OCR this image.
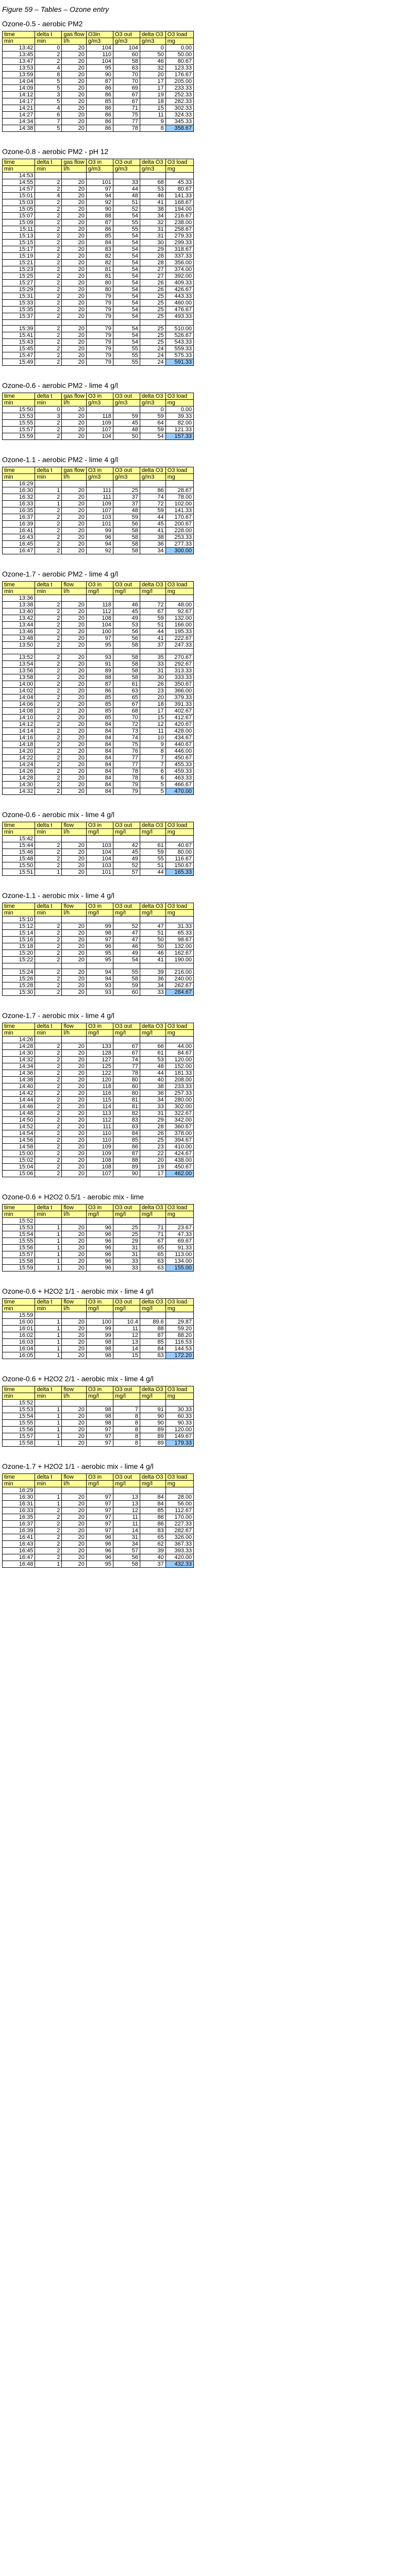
Figure 59 – Tables – Ozone entry
Ozone-0.5 - aerobic PM2
time	delta t	gas flow	O3in	O3 out	delta O3	O3 load
min	min	l/h	g/m3	g/m3	g/m3	mg
13:42	0	20	104	104	0	0.00
13:45	2	20	110	60	50	50.00
13:47	2	20	104	58	46	80.67
13:53	4	20	95	63	32	123.33
13:59	8	20	90	70	20	176.67
14:04	5	20	87	70	17	205.00
14:09	5	20	86	69	17	233.33
14:12	3	20	86	67	19	252.33
14:17	5	20	85	67	18	282.33
14:21	4	20	86	71	15	302.33
14:27	6	20	86	75	11	324.33
14:34	7	20	86	77	9	345.33
14:38	5	20	86	78	8	358.67
Ozone-0.8 - aerobic PM2 - pH 12
time	delta t	gas flow	O3 in	O3 out	delta O3	O3 load
min	min	l/h	g/m3	g/m3	g/m3	mg
14:53						
14:55	2	20	101	33	68	45.33
14:57	2	20	97	44	53	80.67
15:01	4	20	94	48	46	141.33
15:03	2	20	92	51	41	168.67
15:05	2	20	90	52	38	194.00
15:07	2	20	88	54	34	216.67
15:09	2	20	87	55	32	238.00
15:11	2	20	86	55	31	258.67
15:13	2	20	85	54	31	279.33
15:15	2	20	84	54	30	299.33
15:17	2	20	83	54	29	318.67
15:19	2	20	82	54	28	337.33
15:21	2	20	82	54	28	356.00
15:23	2	20	81	54	27	374.00
15:25	2	20	81	54	27	392.00
15:27	2	20	80	54	26	409.33
15:29	2	20	80	54	26	426.67
15:31	2	20	79	54	25	443.33
15:33	2	20	79	54	25	460.00
15:35	2	20	79	54	25	476.67
15:37	2	20	79	54	25	493.33

15:39	2	20	79	54	25	510.00
15:41	2	20	79	54	25	526.67
15:43	2	20	79	54	25	543.33
15:45	2	20	79	55	24	559.33
15:47	2	20	79	55	24	575.33
15:49	2	20	79	55	24	591.33
Ozone-0.6 - aerobic PM2 - lime 4 g/l
time	delta t	gas flow	O3 in	O3 out	delta O3	O3 load
min	min	l/h	g/m3	g/m3	g/m3	mg
15:50	0	20			0	0.00
15:53	3	20	118	59	59	39.33
15:55	2	20	109	45	64	82.00
15:57	2	20	107	48	59	121.33
15:59	2	20	104	50	54	157.33
Ozone-1.1 - aerobic PM2 - lime 4 g/l
time	delta t	gas flow	O3 in	O3 out	delta O3	O3 load
min	min	l/h	g/m3	g/m3	g/m3	mg
16:29						
16:30	1	20	111	25	86	28.67
16:32	2	20	111	37	74	78.00
16:33	1	20	109	37	72	102.00
16:35	2	20	107	48	59	141.33
16:37	2	20	103	59	44	170.67
16:39	2	20	101	56	45	200.67
16:41	2	20	99	58	41	228.00
16:43	2	20	96	58	38	253.33
16:45	2	20	94	58	36	277.33
16:47	2	20	92	58	34	300.00
Ozone-1.7 - aerobic PM2 - lime 4 g/l
time	delta t	flow	O3 in	O3 out	delta O3	O3 load
min	min	l/h	mg/l	mg/l	mg/l	mg
13:36						
13:38	2	20	118	46	72	48.00
13:40	2	20	112	45	67	92.67
13:42	2	20	108	49	59	132.00
13:44	2	20	104	53	51	166.00
13:46	2	20	100	56	44	195.33
13:48	2	20	97	56	41	222.67
13:50	2	20	95	58	37	247.33

13:52	2	20	93	58	35	270.67
13:54	2	20	91	58	33	292.67
13:56	2	20	89	58	31	313.33
13:58	2	20	88	58	30	333.33
14:00	2	20	87	61	26	350.67
14:02	2	20	86	63	23	366.00
14:04	2	20	85	65	20	379.33
14:06	2	20	85	67	18	391.33
14:08	2	20	85	68	17	402.67
14:10	2	20	85	70	15	412.67
14:12	2	20	84	72	12	420.67
14:14	2	20	84	73	11	428.00
14:16	2	20	84	74	10	434.67
14:18	2	20	84	75	9	440.67
14:20	2	20	84	76	8	446.00
14:22	2	20	84	77	7	450.67
14:24	2	20	84	77	7	455.33
14:26	2	20	84	78	6	459.33
14:28	2	20	84	78	6	463.33
14:30	2	20	84	79	5	466.67
14:32	2	20	84	79	5	470.00
Ozone-0.6 - aerobic mix - lime 4 g/l
time	delta t	flow	O3 in	O3 out	delta O3	O3 load
min	min	l/h	mg/l	mg/l	mg/l	mg
15:42						
15:44	2	20	103	42	61	40.67
15:46	2	20	104	45	59	80.00
15:48	2	20	104	49	55	116.67
15:50	2	20	103	52	51	150.67
15:51	1	20	101	57	44	165.33
Ozone-1.1 - aerobic mix - lime 4 g/l
time	delta t	flow	O3 in	O3 out	delta O3	O3 load
min	min	l/h	mg/l	mg/l	mg/l	mg
15:10						
15:12	2	20	99	52	47	31.33
15:14	2	20	98	47	51	65.33
15:16	2	20	97	47	50	98.67
15:18	2	20	96	46	50	132.00
15:20	2	20	95	49	46	162.67
15:22	2	20	95	54	41	190.00

15:24	2	20	94	55	39	216.00
15:26	2	20	94	58	36	240.00
15:28	2	20	93	59	34	262.67
15:30	2	20	93	60	33	284.67
Ozone-1.7 - aerobic mix - lime 4 g/l
time	delta t	flow	O3 in	O3 out	delta O3	O3 load
min	min	l/h	mg/l	mg/l	mg/l	mg
14:26						
14:28	2	20	133	67	66	44.00
14:30	2	20	128	67	61	84.67
14:32	2	20	127	74	53	120.00
14:34	2	20	125	77	48	152.00
14:36	2	20	122	78	44	181.33
14:38	2	20	120	80	40	208.00
14:40	2	20	118	80	38	233.33
14:42	2	20	116	80	36	257.33
14:44	2	20	115	81	34	280.00
14:46	2	20	114	81	33	302.00
14:48	2	20	113	82	31	322.67
14:50	2	20	112	83	29	342.00
14:52	2	20	111	83	28	360.67
14:54	2	20	110	84	26	378.00
14:56	2	20	110	85	25	394.67
14:58	2	20	109	86	23	410.00
15:00	2	20	109	87	22	424.67
15:02	2	20	108	88	20	438.00
15:04	2	20	108	89	19	450.67
15:06	2	20	107	90	17	462.00
Ozone-0.6 + H2O2 0.5/1 - aerobic mix - lime
time	delta t	flow	O3 in	O3 out	delta O3	O3 load
min	min	l/h	mg/l	mg/l	mg/l	mg
15:52						
15:53	1	20	96	25	71	23.67
15:54	1	20	96	25	71	47.33
15:55	1	20	96	29	67	69.67
15:56	1	20	96	31	65	91.33
15:57	1	20	96	31	65	113.00
15:58	1	20	96	33	63	134.00
15:59	1	20	96	33	63	155.00
Ozone-0.6 + H2O2 1/1 - aerobic mix - lime 4 g/l
time	delta t	flow	O3 in	O3 out	delta O3	O3 load
min	min	l/h	mg/l	mg/l	mg/l	mg
15:59						
16:00	1	20	100	10.4	89.6	29.87
16:01	1	20	99	11	88	59.20
16:02	1	20	99	12	87	88.20
16:03	1	20	98	13	85	116.53
16:04	1	20	98	14	84	144.53
16:05	1	20	98	15	83	172.20
Ozone-0.6 + H2O2 2/1 - aerobic mix - lime 4 g/l
time	delta t	flow	O3 in	O3 out	delta O3	O3 load
min	min	l/h	mg/l	mg/l	mg/l	mg
15:52						
15:53	1	20	98	7	91	30.33
15:54	1	20	98	8	90	60.33
15:55	1	20	98	8	90	90.33
15:56	1	20	97	8	89	120.00
15:57	1	20	97	8	89	149.67
15:58	1	20	97	8	89	179.33
Ozone-1.7 + H2O2 1/1 - aerobic mix - lime 4 g/l
time	delta t	flow	O3 in	O3 out	delta O3	O3 load
min	min	l/h	mg/l	mg/l	mg/l	mg
16:29						
16:30	1	20	97	13	84	28.00
16:31	1	20	97	13	84	56.00
16:33	2	20	97	12	85	112.67
16:35	2	20	97	11	86	170.00
16:37	2	20	97	11	86	227.33
16:39	2	20	97	14	83	282.67
16:41	2	20	96	31	65	326.00
16:43	2	20	96	34	62	367.33
16:45	2	20	96	57	39	393.33
16:47	2	20	96	56	40	420.00
16:48	1	20	95	58	37	432.33
